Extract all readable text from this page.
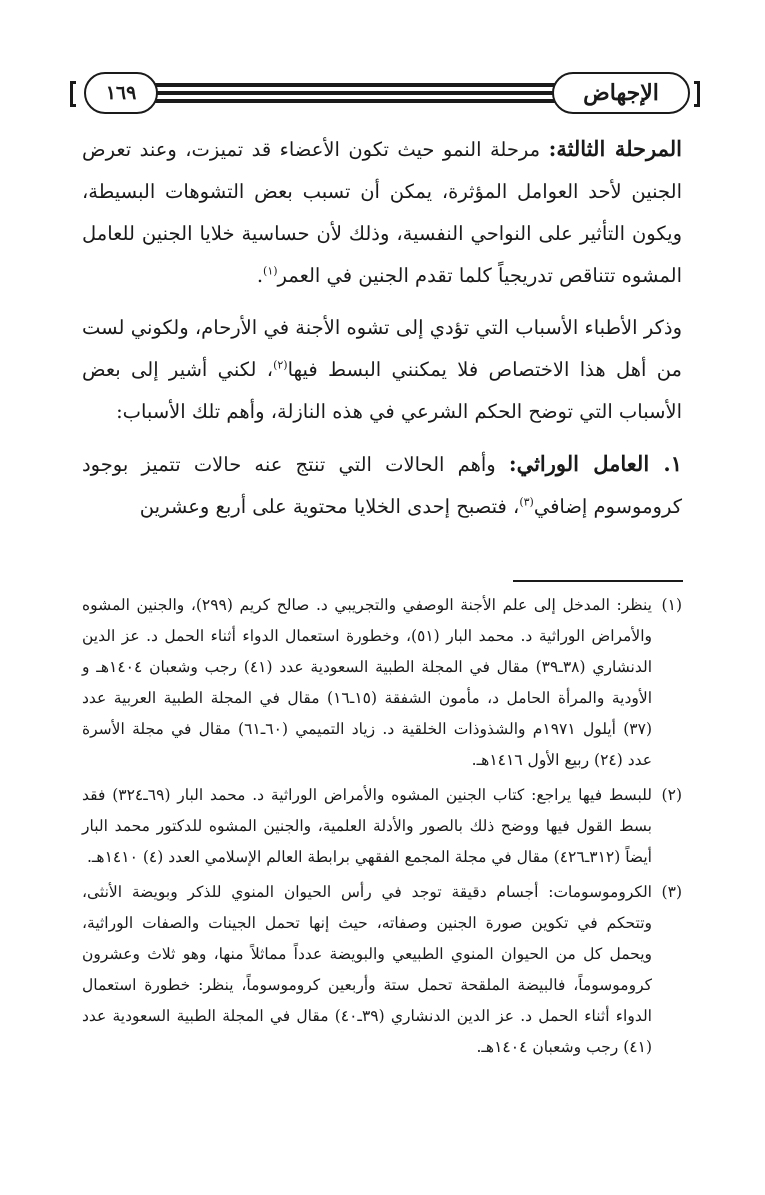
الإجهاض
١٦٩

المرحلة الثالثة: مرحلة النمو حيث تكون الأعضاء قد تميزت، وعند تعرض الجنين لأحد العوامل المؤثرة، يمكن أن تسبب بعض التشوهات البسيطة، ويكون التأثير على النواحي النفسية، وذلك لأن حساسية خلايا الجنين للعامل المشوه تتناقص تدريجياً كلما تقدم الجنين في العمر$^{(١)}$.

وذكر الأطباء الأسباب التي تؤدي إلى تشوه الأجنة في الأرحام، ولكوني لست من أهل هذا الاختصاص فلا يمكنني البسط فيها$^{(٢)}$، لكني أشير إلى بعض الأسباب التي توضح الحكم الشرعي في هذه النازلة، وأهم تلك الأسباب:

١. العامل الوراثي: وأهم الحالات التي تنتج عنه حالات تتميز بوجود كروموسوم إضافي$^{(٣)}$، فتصبح إحدى الخلايا محتوية على أربع وعشرين

(١)ينظر: المدخل إلى علم الأجنة الوصفي والتجريبي د. صالح كريم (٢٩٩)، والجنين المشوه والأمراض الوراثية د. محمد البار (٥١)، وخطورة استعمال الدواء أثناء الحمل د. عز الدين الدنشاري (٣٨ـ٣٩) مقال في المجلة الطبية السعودية عدد (٤١) رجب وشعبان ١٤٠٤هـ و الأودية والمرأة الحامل د، مأمون الشفقة (١٥ـ١٦) مقال في المجلة الطبية العربية عدد (٣٧) أيلول ١٩٧١م والشذوذات الخلقية د. زياد التميمي (٦٠ـ٦١) مقال في مجلة الأسرة عدد (٢٤) ربيع الأول ١٤١٦هـ.

(٢)للبسط فيها يراجع: كتاب الجنين المشوه والأمراض الوراثية د. محمد البار (٦٩ـ٣٢٤) فقد بسط القول فيها ووضح ذلك بالصور والأدلة العلمية، والجنين المشوه للدكتور محمد البار أيضاً (٣١٢ـ٤٢٦) مقال في مجلة المجمع الفقهي برابطة العالم الإسلامي العدد (٤) ١٤١٠هـ.

(٣)الكروموسومات: أجسام دقيقة توجد في رأس الحيوان المنوي للذكر وبويضة الأنثى، وتتحكم في تكوين صورة الجنين وصفاته، حيث إنها تحمل الجينات والصفات الوراثية، ويحمل كل من الحيوان المنوي الطبيعي والبويضة عدداً مماثلاً منها، وهو ثلاث وعشرون كروموسوماً، فالبيضة الملقحة تحمل ستة وأربعين كروموسوماً، ينظر: خطورة استعمال الدواء أثناء الحمل د. عز الدين الدنشاري (٣٩ـ٤٠) مقال في المجلة الطبية السعودية عدد (٤١) رجب وشعبان ١٤٠٤هـ.
